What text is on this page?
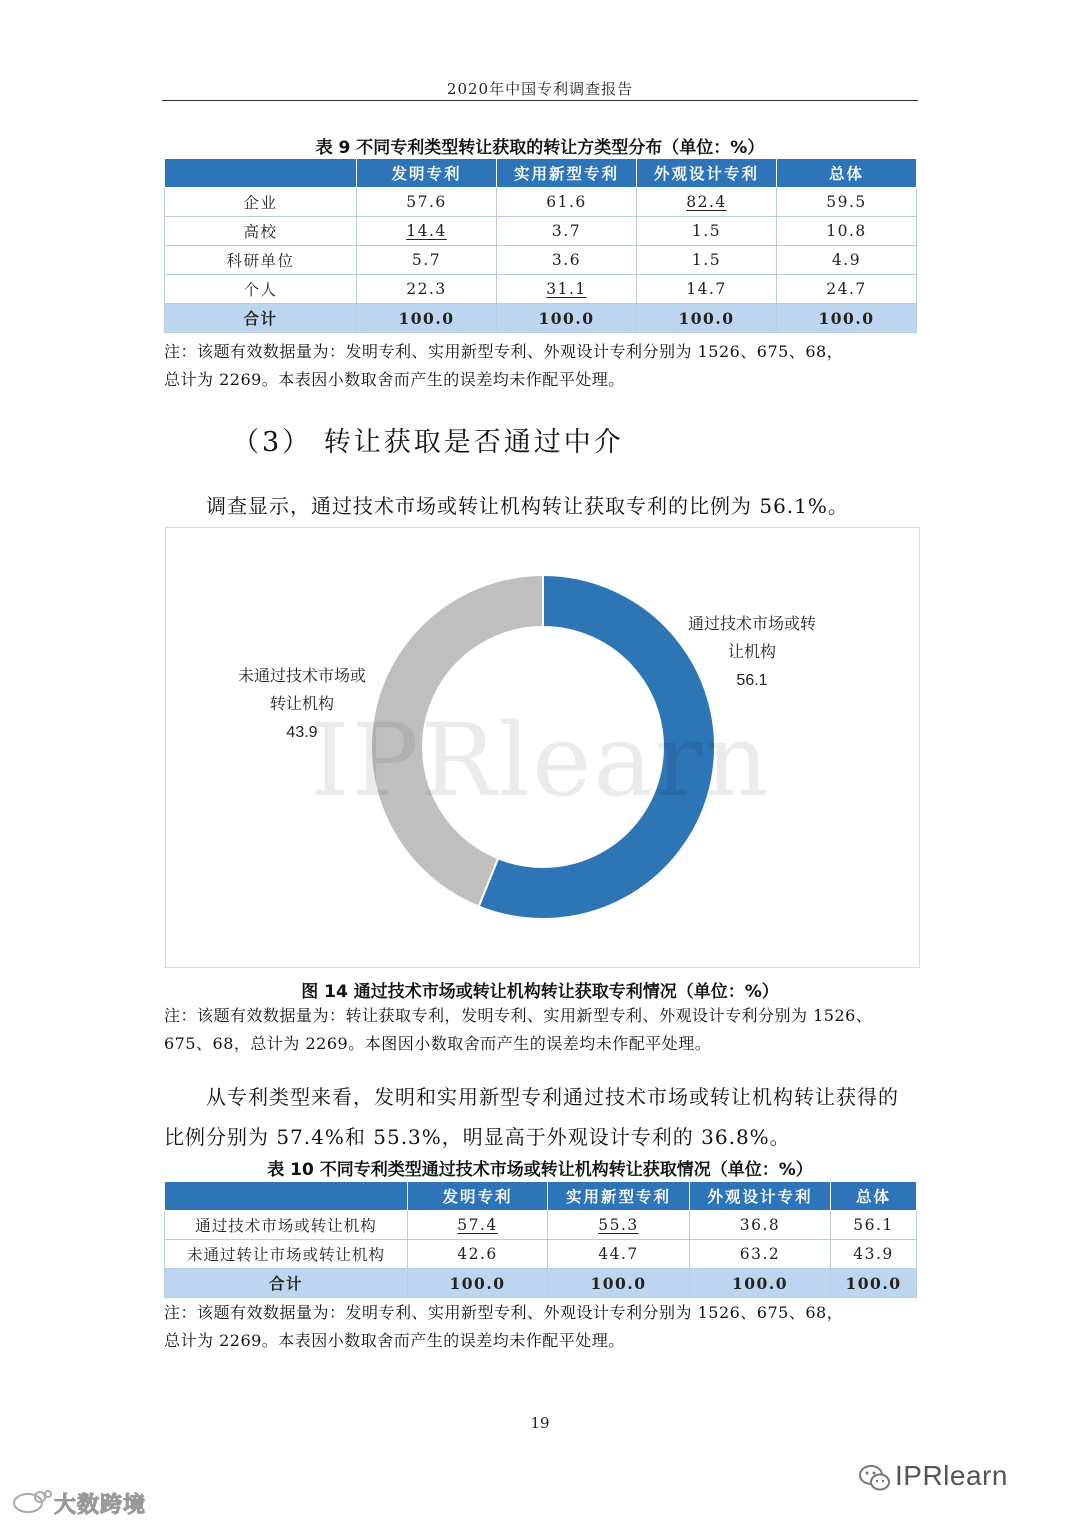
2020年中国专利调查报告
表 9 不同专利类型转让获取的转让方类型分布（单位：%）
	发明专利	实用新型专利	外观设计专利	总体
企业	57.6	61.6	82.4	59.5
高校	14.4	3.7	1.5	10.8
科研单位	5.7	3.6	1.5	4.9
个人	22.3	31.1	14.7	24.7
合计	100.0	100.0	100.0	100.0
注：该题有效数据量为：发明专利、实用新型专利、外观设计专利分别为 1526、675、68，
总计为 2269。本表因小数取舍而产生的误差均未作配平处理。
（3） 转让获取是否通过中介
调查显示，通过技术市场或转让机构转让获取专利的比例为 56.1%。
IPRlearn
通过技术市场或转
让机构
56.1
未通过技术市场或
转让机构
43.9
图 14 通过技术市场或转让机构转让获取专利情况（单位：%）
注：该题有效数据量为：转让获取专利，发明专利、实用新型专利、外观设计专利分别为 1526、
675、68，总计为 2269。本图因小数取舍而产生的误差均未作配平处理。
从专利类型来看，发明和实用新型专利通过技术市场或转让机构转让获得的
比例分别为 57.4%和 55.3%，明显高于外观设计专利的 36.8%。
表 10 不同专利类型通过技术市场或转让机构转让获取情况（单位：%）
	发明专利	实用新型专利	外观设计专利	总体
通过技术市场或转让机构	57.4	55.3	36.8	56.1
未通过转让市场或转让机构	42.6	44.7	63.2	43.9
合计	100.0	100.0	100.0	100.0
注：该题有效数据量为：发明专利、实用新型专利、外观设计专利分别为 1526、675、68，
总计为 2269。本表因小数取舍而产生的误差均未作配平处理。
19
IPRlearn
大数跨境
